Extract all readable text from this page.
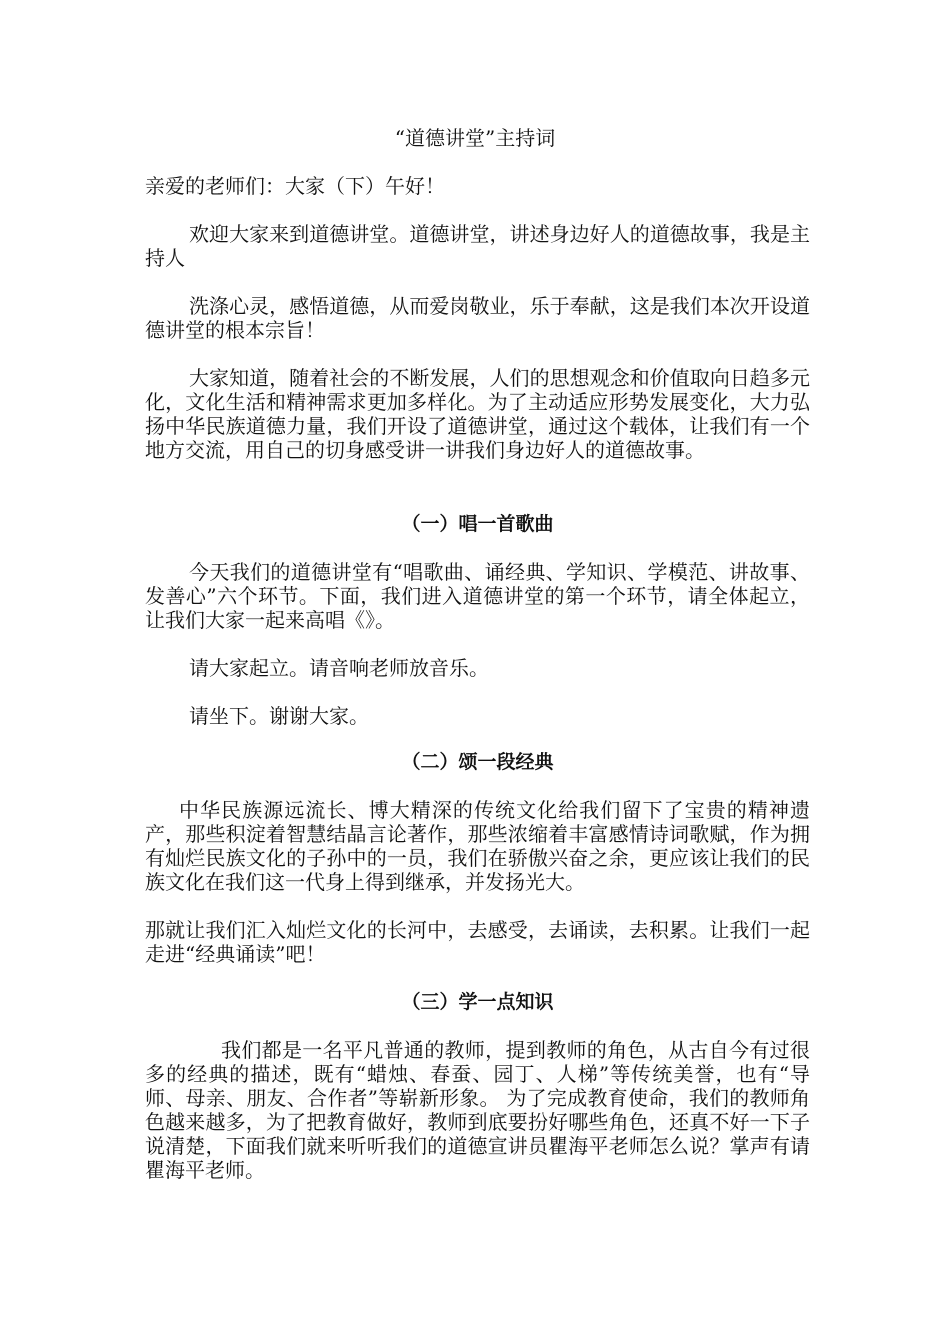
“道德讲堂”主持词

亲爱的老师们：大家（下）午好！

欢迎大家来到道德讲堂。道德讲堂，讲述身边好人的道德故事，我是主持人

洗涤心灵，感悟道德，从而爱岗敬业，乐于奉献，这是我们本次开设道德讲堂的根本宗旨！

大家知道，随着社会的不断发展，人们的思想观念和价值取向日趋多元化，文化生活和精神需求更加多样化。为了主动适应形势发展变化，大力弘扬中华民族道德力量，我们开设了道德讲堂，通过这个载体，让我们有一个地方交流，用自己的切身感受讲一讲我们身边好人的道德故事。

（一）唱一首歌曲

今天我们的道德讲堂有“唱歌曲、诵经典、学知识、学模范、讲故事、发善心”六个环节。下面，我们进入道德讲堂的第一个环节，请全体起立，让我们大家一起来高唱《》。

请大家起立。请音响老师放音乐。

请坐下。谢谢大家。

（二）颂一段经典

中华民族源远流长、博大精深的传统文化给我们留下了宝贵的精神遗产，那些积淀着智慧结晶言论著作，那些浓缩着丰富感情诗词歌赋，作为拥有灿烂民族文化的子孙中的一员，我们在骄傲兴奋之余，更应该让我们的民族文化在我们这一代身上得到继承，并发扬光大。

那就让我们汇入灿烂文化的长河中，去感受，去诵读，去积累。让我们一起走进“经典诵读”吧！

（三）学一点知识

我们都是一名平凡普通的教师，提到教师的角色，从古自今有过很多的经典的描述，既有“蜡烛、春蚕、园丁、人梯”等传统美誉，也有“导师、母亲、朋友、合作者”等崭新形象。 为了完成教育使命，我们的教师角色越来越多，为了把教育做好，教师到底要扮好哪些角色，还真不好一下子说清楚，下面我们就来听听我们的道德宣讲员瞿海平老师怎么说？掌声有请瞿海平老师。
